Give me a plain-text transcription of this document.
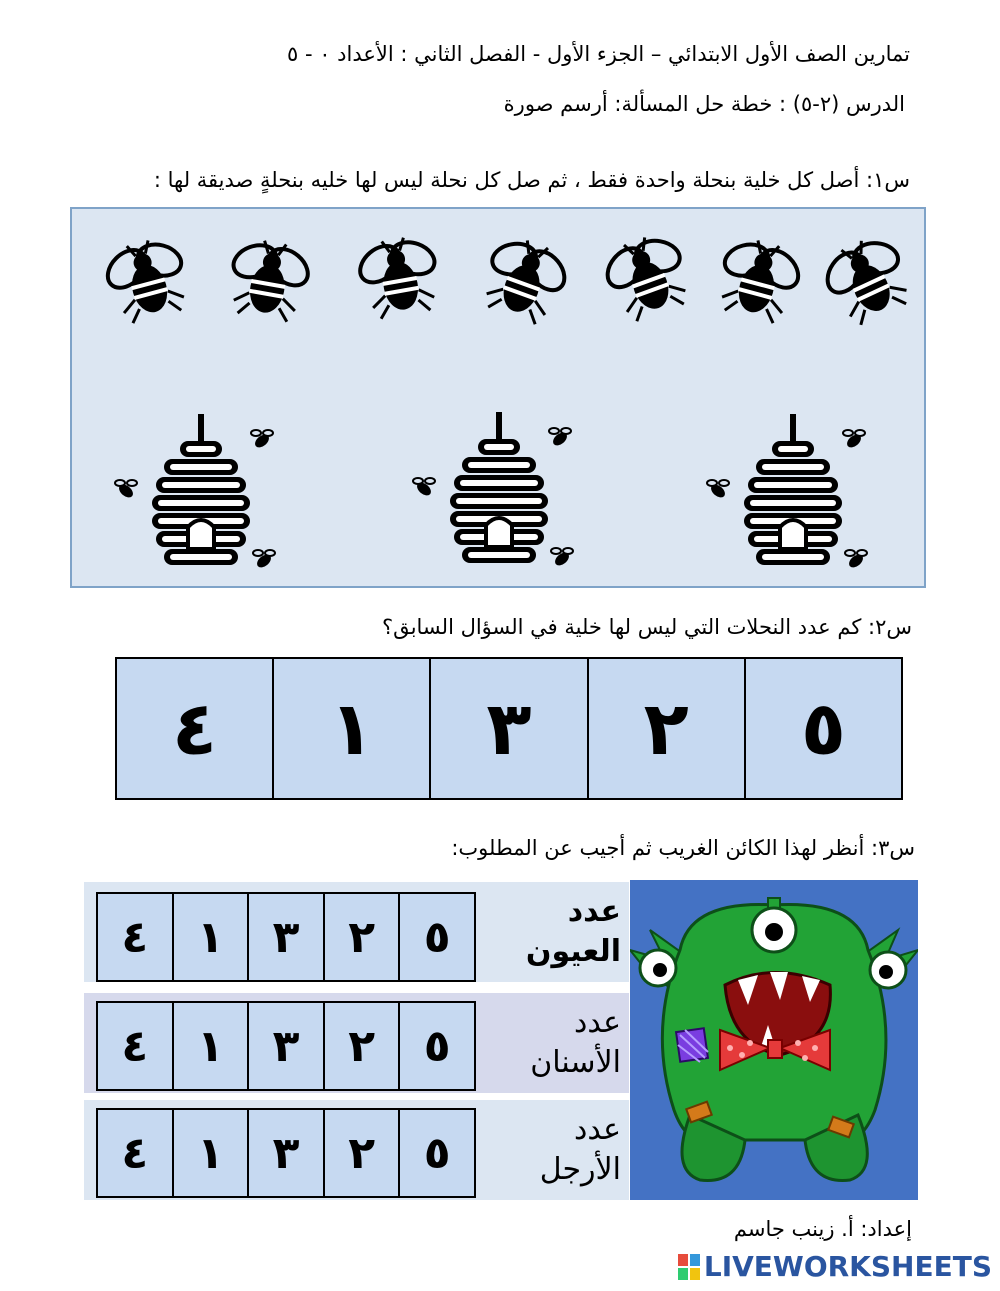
تمارين الصف الأول الابتدائي – الجزء الأول - الفصل الثاني : الأعداد ٠ - ٥
الدرس (٢-٥) : خطة حل المسألة: أرسم صورة
س١: أصل كل خلية بنحلة واحدة فقط ، ثم صل كل نحلة ليس لها خليه بنحلةٍ صديقة لها :
س٢: كم عدد النحلات التي ليس لها خلية في السؤال السابق؟
٥
٢
٣
١
٤
س٣: أنظر لهذا الكائن الغريب ثم أجيب عن المطلوب:
عدد العيون
٥
٢
٣
١
٤
عدد الأسنان
٥
٢
٣
١
٤
عدد الأرجل
٥
٢
٣
١
٤
إعداد: أ. زينب جاسم
LIVEWORKSHEETS
